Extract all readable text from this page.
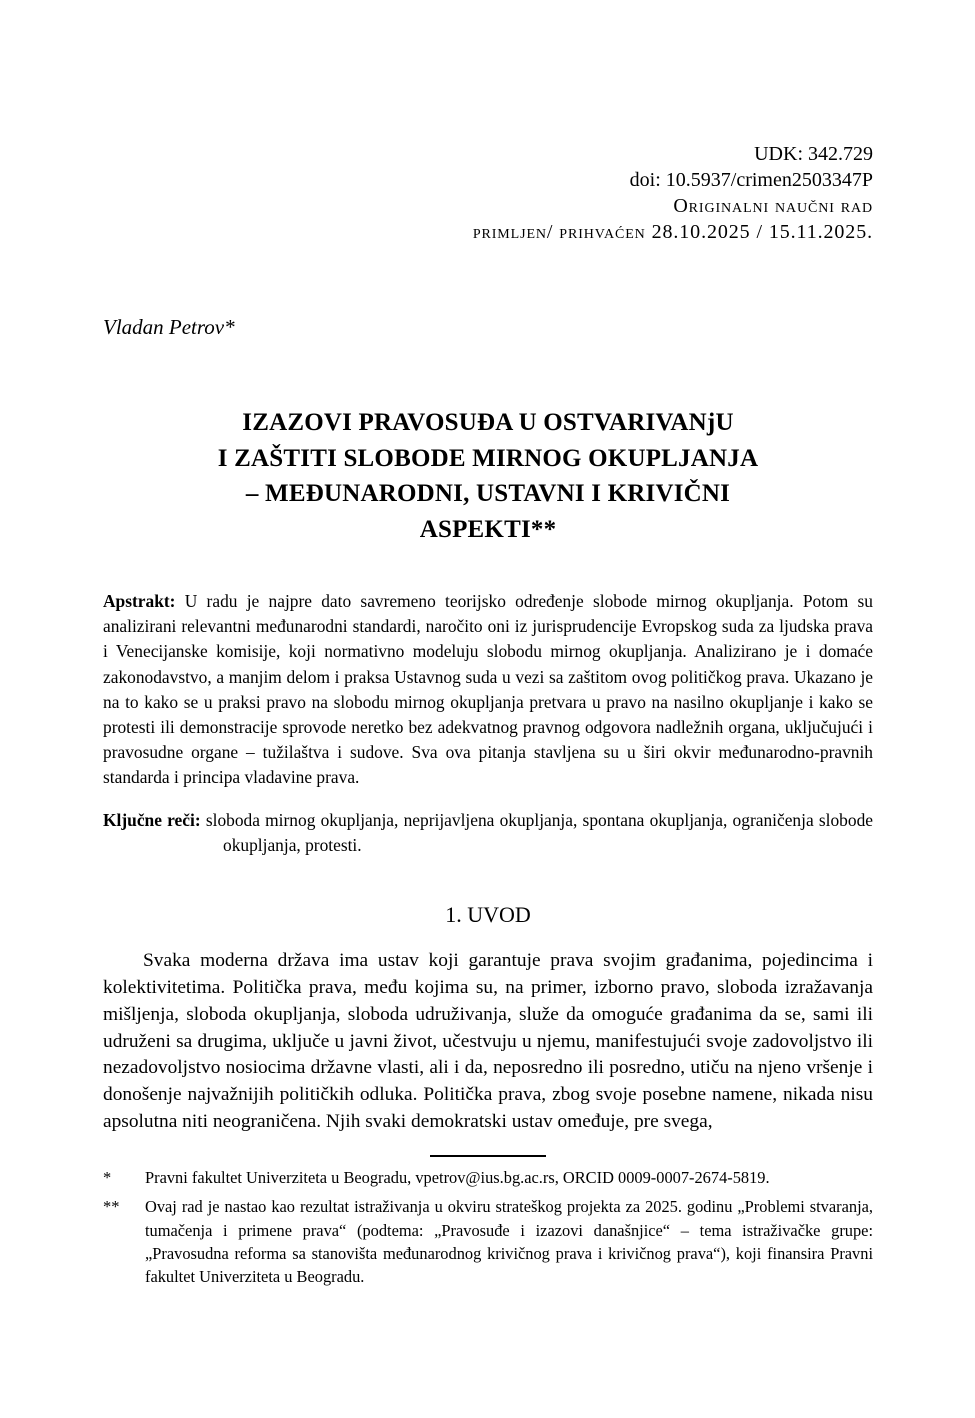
UDK: 342.729
doi: 10.5937/crimen2503347P
Originalni naučni rad
primljen/ prihvaćen 28.10.2025 / 15.11.2025.
Vladan Petrov*
IZAZOVI PRAVOSUĐA U OSTVARIVANjU
I ZAŠTITI SLOBODE MIRNOG OKUPLJANJA
– MEĐUNARODNI, USTAVNI I KRIVIČNI
ASPEKTI**

Apstrakt: U radu je najpre dato savremeno teorijsko određenje slobode mirnog okupljanja. Potom su analizirani relevantni međunarodni standardi, naročito oni iz jurisprudencije Evropskog suda za ljudska prava i Venecijanske komisije, koji normativno modeluju slobodu mirnog okupljanja. Analizirano je i domaće zakonodavstvo, a manjim delom i praksa Ustavnog suda u vezi sa zaštitom ovog političkog prava. Ukazano je na to kako se u praksi pravo na slobodu mirnog okupljanja pretvara u pravo na nasilno okupljanje i kako se protesti ili demonstracije sprovode neretko bez adekvatnog pravnog odgovora nadležnih organa, uključujući i pravosudne organe – tužilaštva i sudove. Sva ova pitanja stavljena su u širi okvir međunarodno-pravnih standarda i principa vladavine prava.

Ključne reči: sloboda mirnog okupljanja, neprijavljena okupljanja, spontana okupljanja, ograničenja slobode okupljanja, protesti.

1. UVOD

Svaka moderna država ima ustav koji garantuje prava svojim građanima, pojedincima i kolektivitetima. Politička prava, među kojima su, na primer, izborno pravo, sloboda izražavanja mišljenja, sloboda okupljanja, sloboda udruživanja, služe da omoguće građanima da se, sami ili udruženi sa drugima, uključe u javni život, učestvuju u njemu, manifestujući svoje zadovoljstvo ili nezadovoljstvo nosiocima državne vlasti, ali i da, neposredno ili posredno, utiču na njeno vršenje i donošenje najvažnijih političkih odluka. Politička prava, zbog svoje posebne namene, nikada nisu apsolutna niti neograničena. Njih svaki demokratski ustav omeđuje, pre svega,

*	Pravni fakultet Univerziteta u Beogradu, vpetrov@ius.bg.ac.rs, ORCID 0009-0007-2674-5819.
**	Ovaj rad je nastao kao rezultat istraživanja u okviru strateškog projekta za 2025. godinu „Problemi stvaranja, tumačenja i primene prava“ (podtema: „Pravosuđe i izazovi današnjice“ – tema istraživačke grupe: „Pravosudna reforma sa stanovišta međunarodnog krivičnog prava i krivičnog prava“), koji finansira Pravni fakultet Univerziteta u Beogradu.
